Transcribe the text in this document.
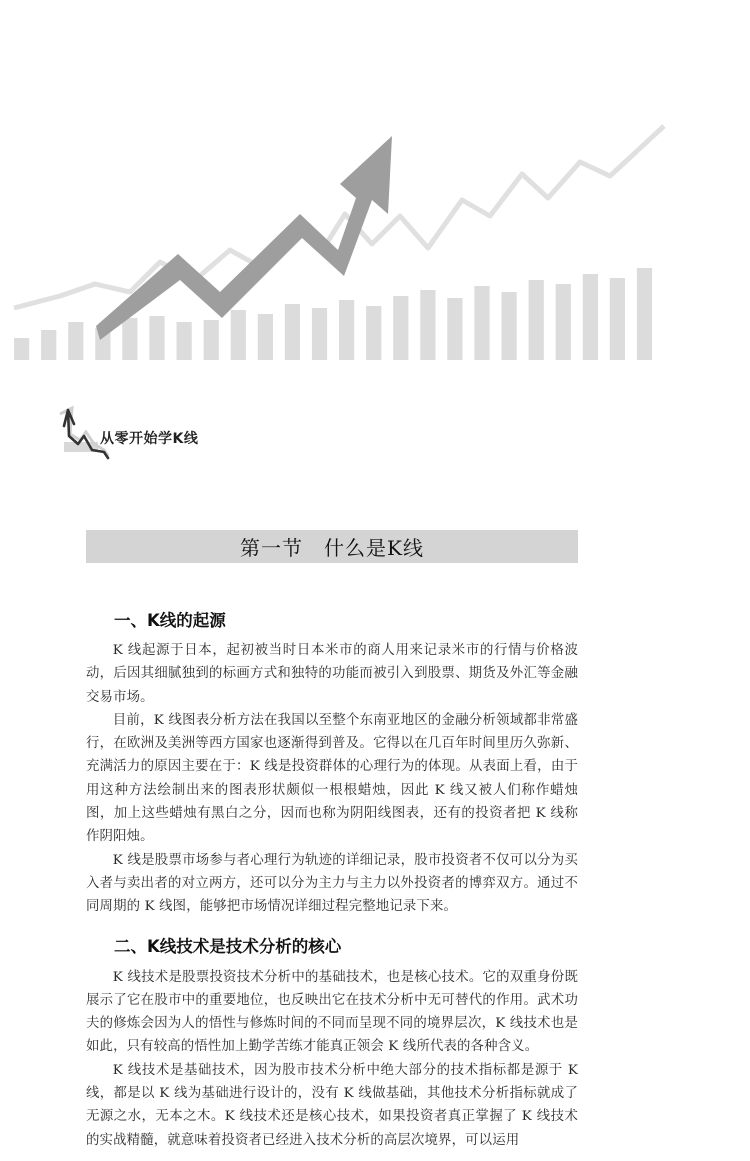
从零开始学K线
第一节　什么是K线
一、K线的起源

K 线起源于日本，起初被当时日本米市的商人用来记录米市的行情与价格波动，后因其细腻独到的标画方式和独特的功能而被引入到股票、期货及外汇等金融交易市场。

目前，K 线图表分析方法在我国以至整个东南亚地区的金融分析领域都非常盛行，在欧洲及美洲等西方国家也逐渐得到普及。它得以在几百年时间里历久弥新、充满活力的原因主要在于：K 线是投资群体的心理行为的体现。从表面上看，由于用这种方法绘制出来的图表形状颇似一根根蜡烛，因此 K 线又被人们称作蜡烛图，加上这些蜡烛有黑白之分，因而也称为阴阳线图表，还有的投资者把 K 线称作阴阳烛。

K 线是股票市场参与者心理行为轨迹的详细记录，股市投资者不仅可以分为买入者与卖出者的对立两方，还可以分为主力与主力以外投资者的博弈双方。通过不同周期的 K 线图，能够把市场情况详细过程完整地记录下来。

二、K线技术是技术分析的核心

K 线技术是股票投资技术分析中的基础技术，也是核心技术。它的双重身份既展示了它在股市中的重要地位，也反映出它在技术分析中无可替代的作用。武术功夫的修炼会因为人的悟性与修炼时间的不同而呈现不同的境界层次，K 线技术也是如此，只有较高的悟性加上勤学苦练才能真正领会 K 线所代表的各种含义。

K 线技术是基础技术，因为股市技术分析中绝大部分的技术指标都是源于 K 线，都是以 K 线为基础进行设计的，没有 K 线做基础，其他技术分析指标就成了无源之水，无本之木。K 线技术还是核心技术，如果投资者真正掌握了 K 线技术的实战精髓，就意味着投资者已经进入技术分析的高层次境界，可以运用
